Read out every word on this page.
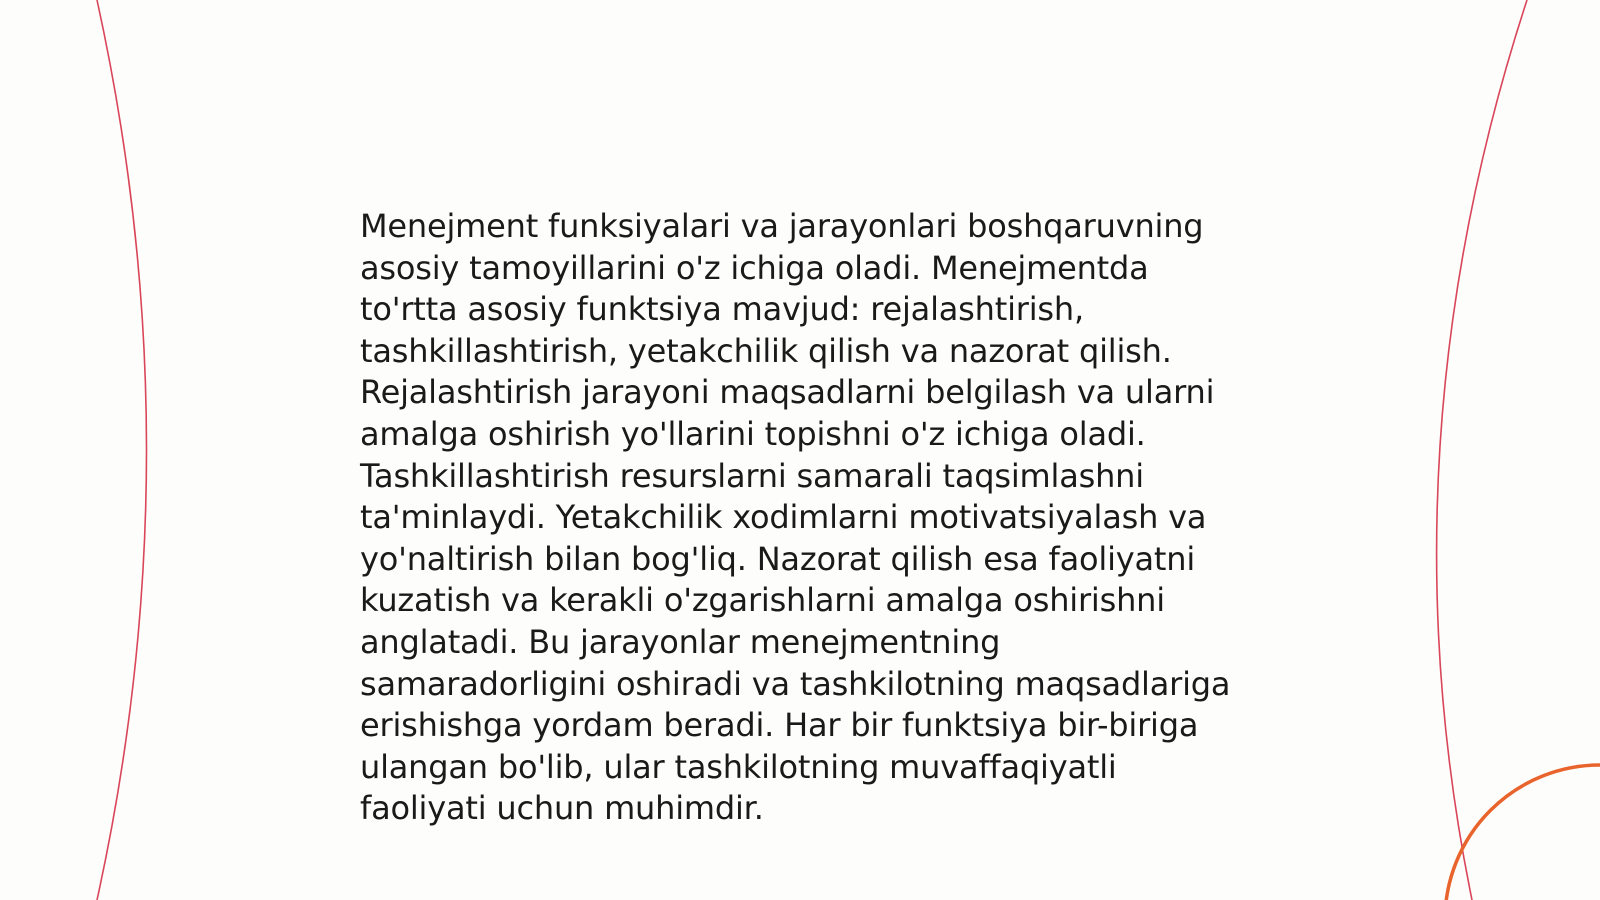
Menejment funksiyalari va jarayonlari boshqaruvning asosiy tamoyillarini o'z ichiga oladi. Menejmentda to'rtta asosiy funktsiya mavjud: rejalashtirish, tashkillashtirish, yetakchilik qilish va nazorat qilish. Rejalashtirish jarayoni maqsadlarni belgilash va ularni amalga oshirish yo'llarini topishni o'z ichiga oladi. Tashkillashtirish resurslarni samarali taqsimlashni ta'minlaydi. Yetakchilik xodimlarni motivatsiyalash va yo'naltirish bilan bog'liq. Nazorat qilish esa faoliyatni kuzatish va kerakli o'zgarishlarni amalga oshirishni anglatadi. Bu jarayonlar menejmentning samaradorligini oshiradi va tashkilotning maqsadlariga erishishga yordam beradi. Har bir funktsiya bir-biriga ulangan bo'lib, ular tashkilotning muvaffaqiyatli faoliyati uchun muhimdir.
